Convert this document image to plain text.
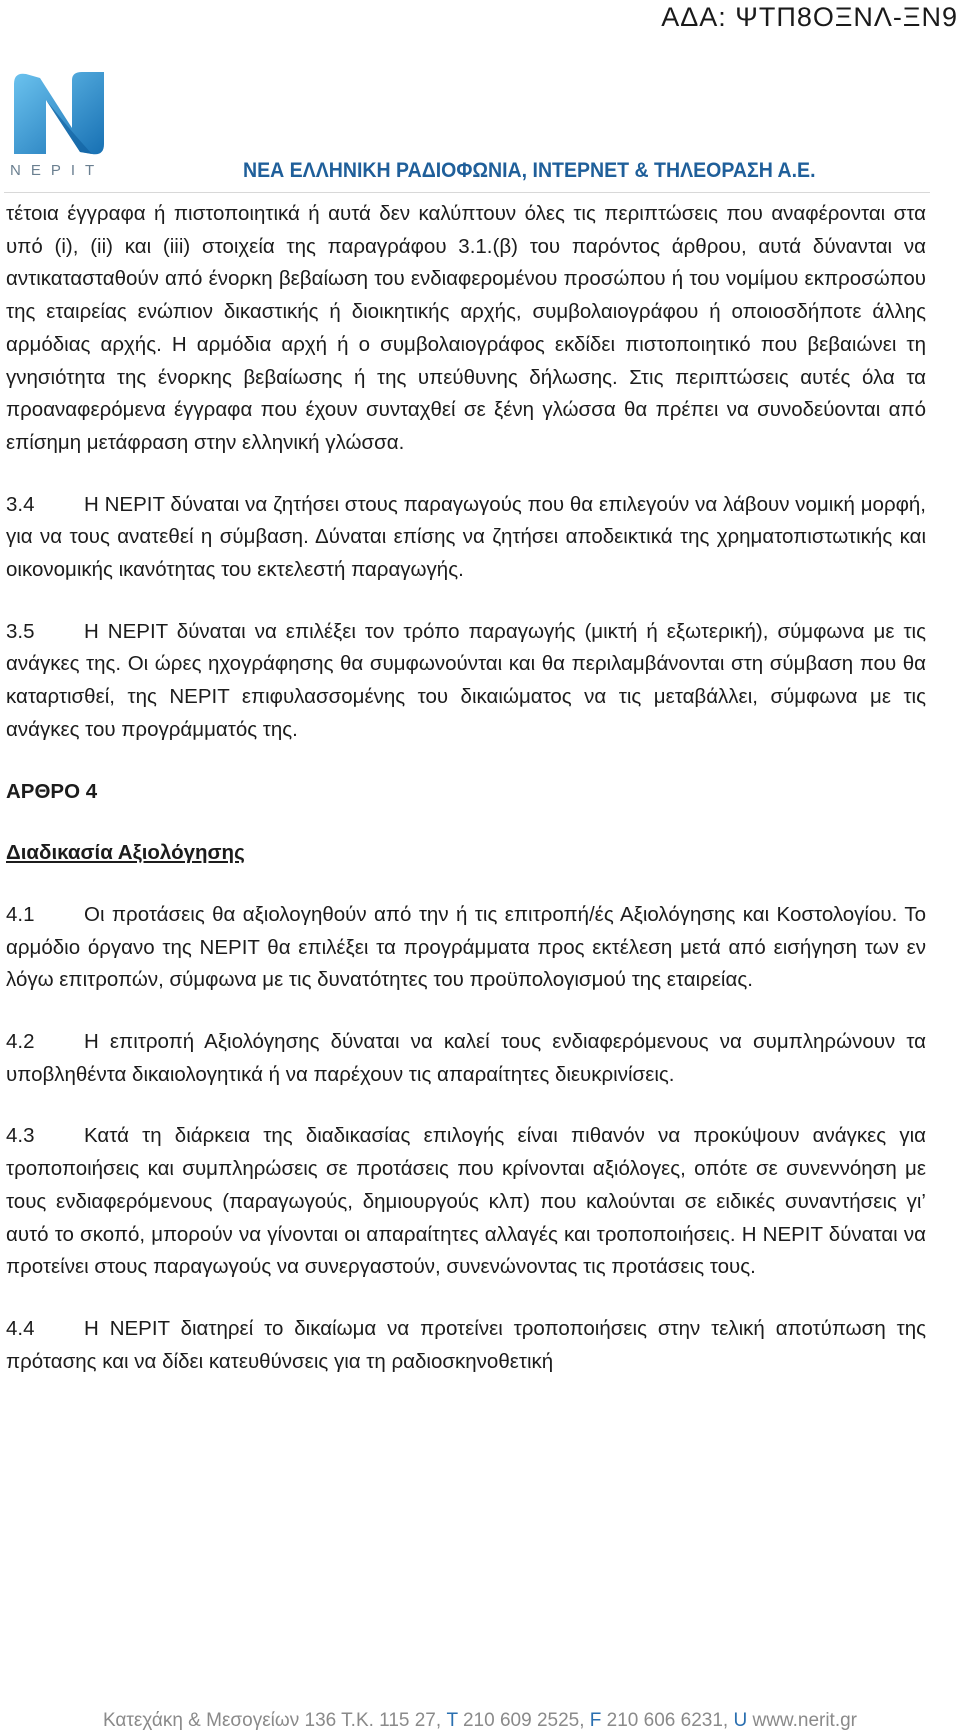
ΑΔΑ: ΨΤΠ8ΟΞΝΛ-ΞΝ9
NEPIT	ΝΕΑ ΕΛΛΗΝΙΚΗ ΡΑΔΙΟΦΩΝΙΑ, ΙΝΤΕΡΝΕΤ & ΤΗΛΕΟΡΑΣΗ Α.Ε.

τέτοια έγγραφα ή πιστοποιητικά ή αυτά δεν καλύπτουν όλες τις περιπτώσεις που αναφέρονται στα υπό (i), (ii) και (iii) στοιχεία της παραγράφου 3.1.(β) του παρόντος άρθρου, αυτά δύνανται να αντικατασταθούν από ένορκη βεβαίωση του ενδιαφερομένου προσώπου ή του νομίμου εκπροσώπου της εταιρείας ενώπιον δικαστικής ή διοικητικής αρχής, συμβολαιογράφου ή οποιοσδήποτε άλλης αρμόδιας αρχής. Η αρμόδια αρχή ή ο συμβολαιογράφος εκδίδει πιστοποιητικό που βεβαιώνει τη γνησιότητα της ένορκης βεβαίωσης ή της υπεύθυνης δήλωσης. Στις περιπτώσεις αυτές όλα τα προαναφερόμενα έγγραφα που έχουν συνταχθεί σε ξένη γλώσσα θα πρέπει να συνοδεύονται από επίσημη μετάφραση στην ελληνική γλώσσα.

3.4 Η ΝΕΡΙΤ δύναται να ζητήσει στους παραγωγούς που θα επιλεγούν να λάβουν νομική μορφή, για να τους ανατεθεί η σύμβαση. Δύναται επίσης να ζητήσει αποδεικτικά της χρηματοπιστωτικής και οικονομικής ικανότητας του εκτελεστή παραγωγής.

3.5 Η ΝΕΡΙΤ δύναται να επιλέξει τον τρόπο παραγωγής (μικτή ή εξωτερική), σύμφωνα με τις ανάγκες της. Οι ώρες ηχογράφησης θα συμφωνούνται και θα περιλαμβάνονται στη σύμβαση που θα καταρτισθεί, της ΝΕΡΙΤ επιφυλασσομένης του δικαιώματος να τις μεταβάλλει, σύμφωνα με τις ανάγκες του προγράμματός της.

ΑΡΘΡΟ 4
Διαδικασία Αξιολόγησης

4.1 Οι προτάσεις θα αξιολογηθούν από την ή τις επιτροπή/ές Αξιολόγησης και Κοστολογίου. Το αρμόδιο όργανο της ΝΕΡΙΤ θα επιλέξει τα προγράμματα προς εκτέλεση μετά από εισήγηση των εν λόγω επιτροπών, σύμφωνα με τις δυνατότητες του προϋπολογισμού της εταιρείας.

4.2 Η επιτροπή Αξιολόγησης δύναται να καλεί τους ενδιαφερόμενους να συμπληρώνουν τα υποβληθέντα δικαιολογητικά ή να παρέχουν τις απαραίτητες διευκρινίσεις.

4.3 Κατά τη διάρκεια της διαδικασίας επιλογής είναι πιθανόν να προκύψουν ανάγκες για τροποποιήσεις και συμπληρώσεις σε προτάσεις που κρίνονται αξιόλογες, οπότε σε συνεννόηση με τους ενδιαφερόμενους (παραγωγούς, δημιουργούς κλπ) που καλούνται σε ειδικές συναντήσεις γι’ αυτό το σκοπό, μπορούν να γίνονται οι απαραίτητες αλλαγές και τροποποιήσεις. Η ΝΕΡΙΤ δύναται να προτείνει στους παραγωγούς να συνεργαστούν, συνενώνοντας τις προτάσεις τους.

4.4 Η ΝΕΡΙΤ διατηρεί το δικαίωμα να προτείνει τροποποιήσεις στην τελική αποτύπωση της πρότασης και να δίδει κατευθύνσεις για τη ραδιοσκηνοθετική

Κατεχάκη & Μεσογείων 136 Τ.Κ. 115 27, T 210 609 2525, F 210 606 6231, U www.nerit.gr
